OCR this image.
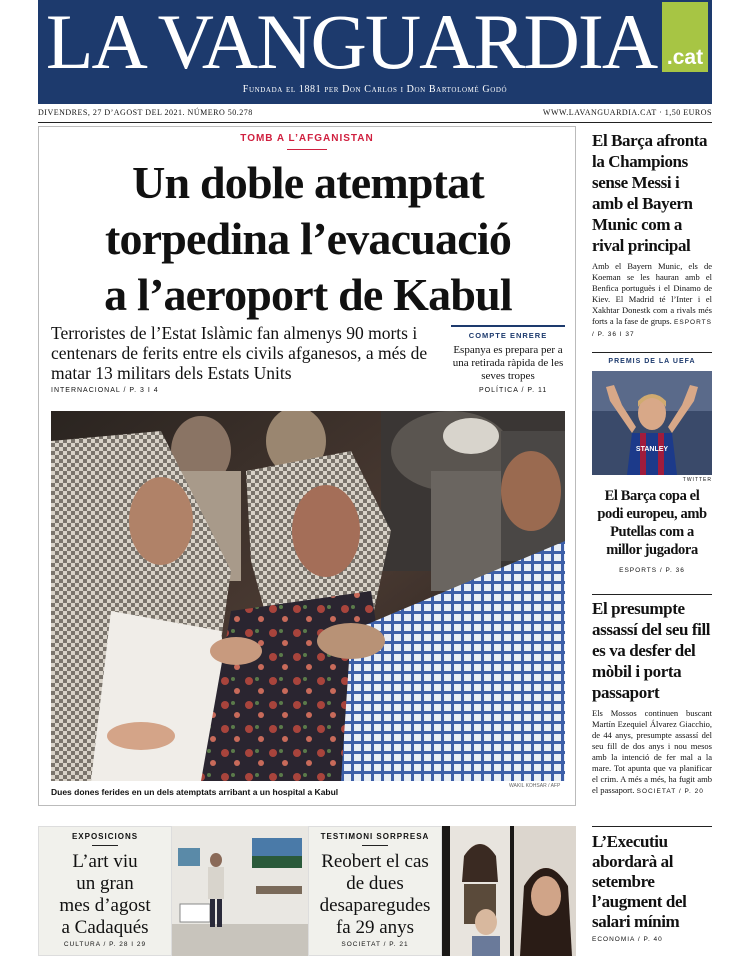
LA VANGUARDIA .cat
Fundada el 1881 per Don Carlos i Don Bartolomé Godó
DIVENDRES, 27 D’AGOST DEL 2021. NÚMERO 50.278	WWW.LAVANGUARDIA.CAT · 1,50 EUROS
TOMB A L’AFGANISTAN
Un doble atemptat
torpedina l’evacuació
a l’aeroport de Kabul
Terroristes de l’Estat Islàmic fan almenys 90 morts i centenars de ferits entre els civils afganesos, a més de matar 13 militars dels Estats Units
INTERNACIONAL / P. 3 I 4
COMPTE ENRERE
Espanya es prepara per a una retirada ràpida de les seves tropes
POLÍTICA / P. 11
WAKIL KOHSAR / AFP
Dues dones ferides en un dels atemptats arribant a un hospital a Kabul
El Barça afronta la Champions sense Messi i amb el Bayern Munic com a rival principal
Amb el Bayern Munic, els de Koeman se les hauran amb el Benfica portuguès i el Dinamo de Kiev. El Madrid té l’Inter i el Xakhtar Donestk com a rivals més forts a la fase de grups. ESPORTS / P. 36 I 37
PREMIS DE LA UEFA
STANLEY
TWITTER
El Barça copa el podi europeu, amb Putellas com a millor jugadora
ESPORTS / P. 36
El presumpte assassí del seu fill es va desfer del mòbil i porta passaport
Els Mossos continuen buscant Martín Ezequiel Álvarez Giacchio, de 44 anys, presumpte assassí del seu fill de dos anys i nou mesos amb la intenció de fer mal a la mare. Tot apunta que va planificar el crim. A més a més, ha fugit amb el passaport. SOCIETAT / P. 20
L’Executiu abordarà al setembre l’augment del salari mínim
ECONOMIA / P. 40
EXPOSICIONS
L’art viu
un gran
mes d’agost
a Cadaqués
CULTURA / P. 28 I 29
TESTIMONI SORPRESA
Reobert el cas
de dues
desaparegudes
fa 29 anys
SOCIETAT / P. 21
